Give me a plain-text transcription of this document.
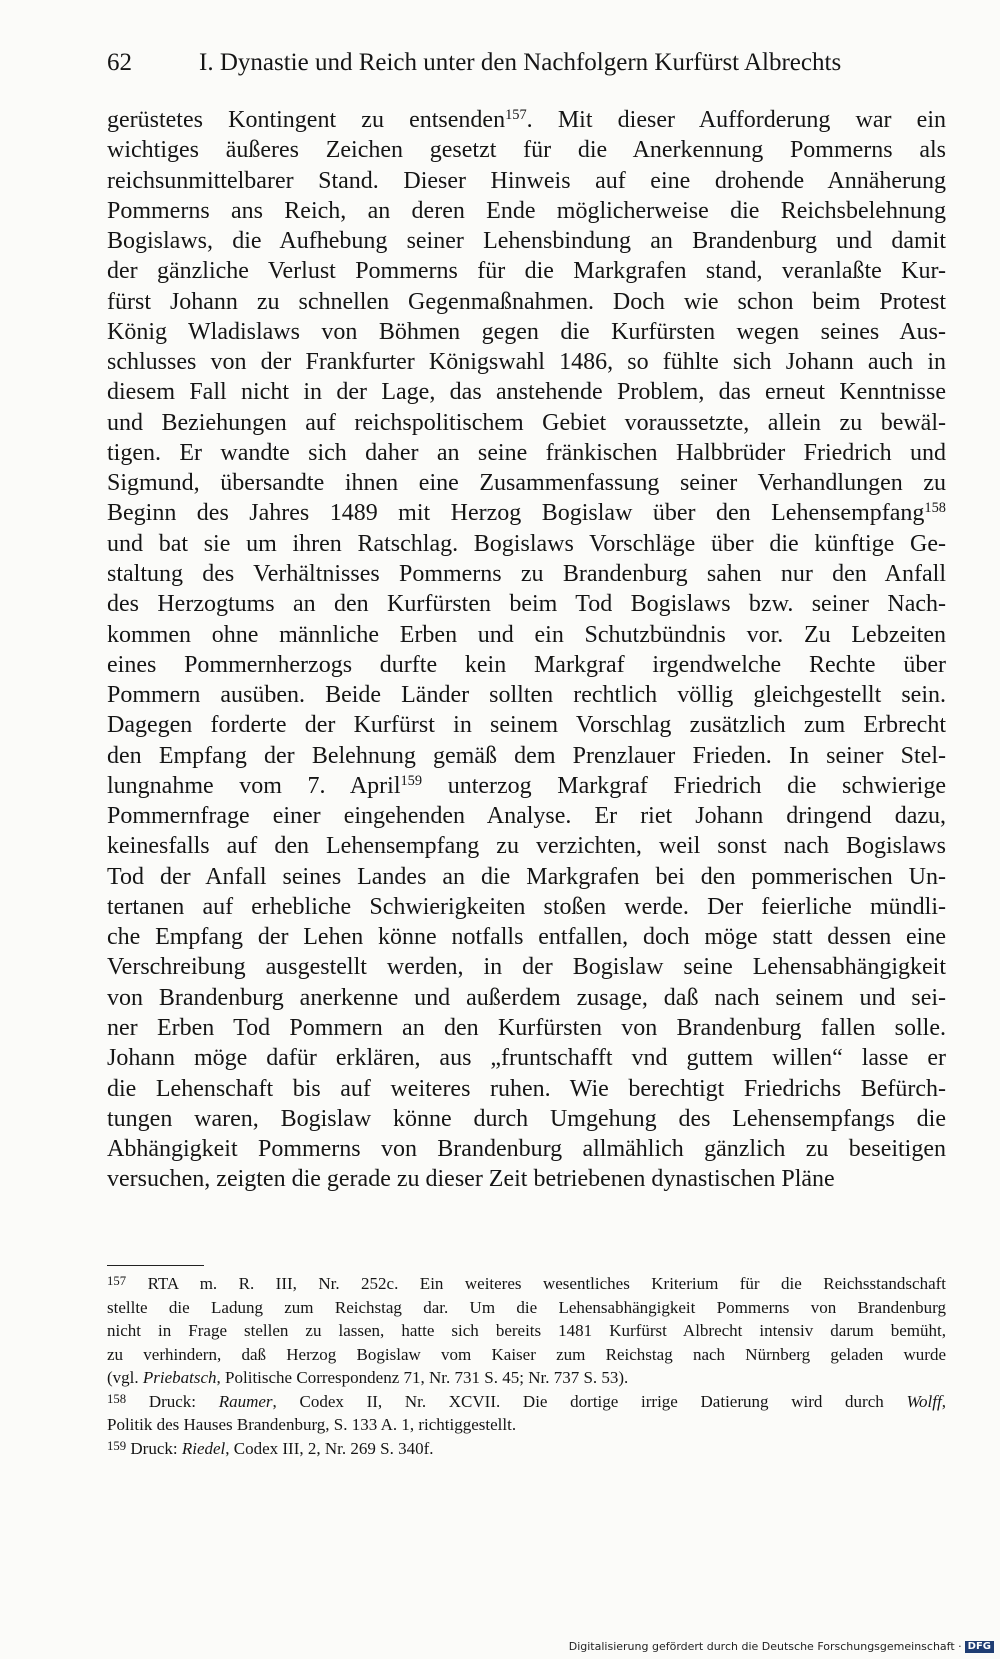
62	I. Dynastie und Reich unter den Nachfolgern Kurfürst Albrechts
gerüstetes Kontingent zu entsenden$^{157}$. Mit dieser Aufforderung war ein
wichtiges äußeres Zeichen gesetzt für die Anerkennung Pommerns als
reichsunmittelbarer Stand. Dieser Hinweis auf eine drohende Annäherung
Pommerns ans Reich, an deren Ende möglicherweise die Reichsbelehnung
Bogislaws, die Aufhebung seiner Lehensbindung an Brandenburg und damit
der gänzliche Verlust Pommerns für die Markgrafen stand, veranlaßte Kur-
fürst Johann zu schnellen Gegenmaßnahmen. Doch wie schon beim Protest
König Wladislaws von Böhmen gegen die Kurfürsten wegen seines Aus-
schlusses von der Frankfurter Königswahl 1486, so fühlte sich Johann auch in
diesem Fall nicht in der Lage, das anstehende Problem, das erneut Kenntnisse
und Beziehungen auf reichspolitischem Gebiet voraussetzte, allein zu bewäl-
tigen. Er wandte sich daher an seine fränkischen Halbbrüder Friedrich und
Sigmund, übersandte ihnen eine Zusammenfassung seiner Verhandlungen zu
Beginn des Jahres 1489 mit Herzog Bogislaw über den Lehensempfang$^{158}$
und bat sie um ihren Ratschlag. Bogislaws Vorschläge über die künftige Ge-
staltung des Verhältnisses Pommerns zu Brandenburg sahen nur den Anfall
des Herzogtums an den Kurfürsten beim Tod Bogislaws bzw. seiner Nach-
kommen ohne männliche Erben und ein Schutzbündnis vor. Zu Lebzeiten
eines Pommernherzogs durfte kein Markgraf irgendwelche Rechte über
Pommern ausüben. Beide Länder sollten rechtlich völlig gleichgestellt sein.
Dagegen forderte der Kurfürst in seinem Vorschlag zusätzlich zum Erbrecht
den Empfang der Belehnung gemäß dem Prenzlauer Frieden. In seiner Stel-
lungnahme vom 7. April$^{159}$ unterzog Markgraf Friedrich die schwierige
Pommernfrage einer eingehenden Analyse. Er riet Johann dringend dazu,
keinesfalls auf den Lehensempfang zu verzichten, weil sonst nach Bogislaws
Tod der Anfall seines Landes an die Markgrafen bei den pommerischen Un-
tertanen auf erhebliche Schwierigkeiten stoßen werde. Der feierliche mündli-
che Empfang der Lehen könne notfalls entfallen, doch möge statt dessen eine
Verschreibung ausgestellt werden, in der Bogislaw seine Lehensabhängigkeit
von Brandenburg anerkenne und außerdem zusage, daß nach seinem und sei-
ner Erben Tod Pommern an den Kurfürsten von Brandenburg fallen solle.
Johann möge dafür erklären, aus „fruntschafft vnd guttem willen“ lasse er
die Lehenschaft bis auf weiteres ruhen. Wie berechtigt Friedrichs Befürch-
tungen waren, Bogislaw könne durch Umgehung des Lehensempfangs die
Abhängigkeit Pommerns von Brandenburg allmählich gänzlich zu beseitigen
versuchen, zeigten die gerade zu dieser Zeit betriebenen dynastischen Pläne
$^{157}$ RTA m. R. III, Nr. 252c. Ein weiteres wesentliches Kriterium für die Reichsstandschaft
stellte die Ladung zum Reichstag dar. Um die Lehensabhängigkeit Pommerns von Brandenburg
nicht in Frage stellen zu lassen, hatte sich bereits 1481 Kurfürst Albrecht intensiv darum bemüht,
zu verhindern, daß Herzog Bogislaw vom Kaiser zum Reichstag nach Nürnberg geladen wurde
(vgl. Priebatsch, Politische Correspondenz 71, Nr. 731 S. 45; Nr. 737 S. 53).
$^{158}$ Druck: Raumer, Codex II, Nr. XCVII. Die dortige irrige Datierung wird durch Wolff,
Politik des Hauses Brandenburg, S. 133 A. 1, richtiggestellt.
$^{159}$ Druck: Riedel, Codex III, 2, Nr. 269 S. 340f.
Digitalisierung gefördert durch die Deutsche Forschungsgemeinschaft · DFG
